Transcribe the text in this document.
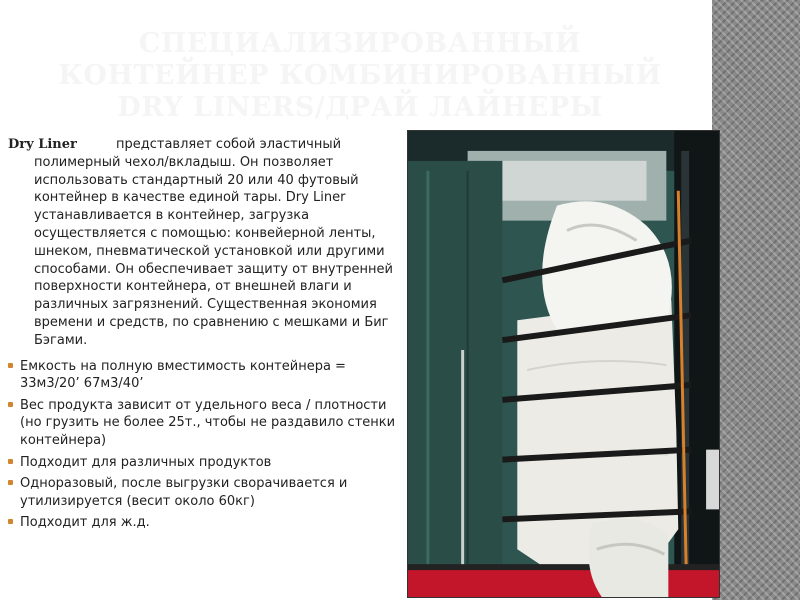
СПЕЦИАЛИЗИРОВАННЫЙ
КОНТЕЙНЕР КОМБИНИРОВАННЫЙ
DRY LINERS/ДРАЙ ЛАЙНЕРЫ

Dry Liner	представляет собой эластичный полимерный чехол/вкладыш. Он позволяет использовать стандартный 20 или 40 футовый контейнер в качестве единой тары. Dry Liner устанавливается в контейнер, загрузка осуществляется с помощью: конвейерной ленты, шнеком, пневматической установкой или другими способами. Он обеспечивает защиту от внутренней поверхности контейнера, от внешней влаги и различных загрязнений. Существенная экономия времени и средств, по сравнению с мешками и Биг Бэгами.

Емкость на полную вместимость контейнера = 33м3/20’ 67м3/40’
Вес продукта зависит от удельного веса / плотности (но грузить не более 25т., чтобы не раздавило стенки контейнера)
Подходит для различных продуктов
Одноразовый, после выгрузки сворачивается и утилизируется (весит около 60кг)
Подходит для ж.д.
